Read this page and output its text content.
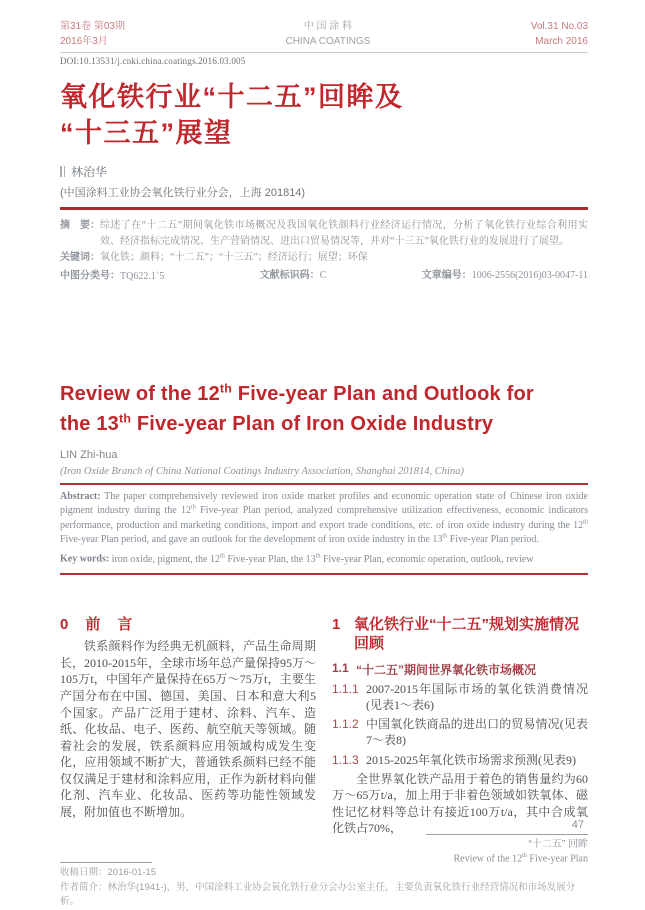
第31卷 第03期
2016年3月
中 国 涂 料
CHINA COATINGS
Vol.31 No.03
March 2016
DOI:10.13531/j.cnki.china.coatings.2016.03.005
氧化铁行业“十二五”回眸及
“十三五”展望
林治华
(中国涂料工业协会氧化铁行业分会，上海 201814)
摘　要： 综述了在“十二五”期间氧化铁市场概况及我国氧化铁颜料行业经济运行情况，分析了氧化铁行业综合利用实效、经济指标完成情况、生产营销情况、进出口贸易情况等，并对“十三五”氧化铁行业的发展进行了展望。
关键词： 氧化铁；颜料；“十二五”；“十三五”；经济运行；展望；环保
中图分类号：TQ622.1+5	文献标识码：C	文章编号：1006-2556(2016)03-0047-11
Review of the 12th Five-year Plan and Outlook for
the 13th Five-year Plan of Iron Oxide Industry
LIN Zhi-hua
(Iron Oxide Branch of China National Coatings Industry Association, Shanghai 201814, China)

Abstract: The paper comprehensively reviewed iron oxide market profiles and economic operation state of Chinese iron oxide pigment industry during the 12th Five-year Plan period, analyzed comprehensive utilization effectiveness, economic indicators performance, production and marketing conditions, import and export trade conditions, etc. of iron oxide industry during the 12th Five-year Plan period, and gave an outlook for the development of iron oxide industry in the 13th Five-year Plan period.

Key words: iron oxide, pigment, the 12th Five-year Plan, the 13th Five-year Plan, economic operation, outlook, review

0　前　言

铁系颜料作为经典无机颜料，产品生命周期长，2010-2015年，全球市场年总产量保持95万～105万t，中国年产量保持在65万～75万t，主要生产国分布在中国、德国、美国、日本和意大利5个国家。产品广泛用于建材、涂料、汽车、造纸、化妆品、电子、医药、航空航天等领域。随着社会的发展，铁系颜料应用领域构成发生变化，应用领域不断扩大，普通铁系颜料已经不能仅仅满足于建材和涂料应用，正作为新材料向催化剂、汽车业、化妆品、医药等功能性领域发展，附加值也不断增加。

1 氧化铁行业“十二五”规划实施情况回顾
1.1 “十二五”期间世界氧化铁市场概况
1.1.1 2007-2015年国际市场的氧化铁消费情况(见表1～表6)
1.1.2 中国氧化铁商品的进出口的贸易情况(见表7～表8)
1.1.3 2015-2025年氧化铁市场需求预测(见表9)

全世界氧化铁产品用于着色的销售量约为60万～65万t/a，加上用于非着色领域如铁氧体、磁性记忆材料等总计有接近100万t/a，其中合成氧化铁占70%，

收稿日期：2016-01-15
作者简介：林治华(1941-)，男，中国涂料工业协会氧化铁行业分会办公室主任，主要负责氧化铁行业经营情况和市场发展分析。
47
“十二五” 回眸
Review of the 12th Five-year Plan
